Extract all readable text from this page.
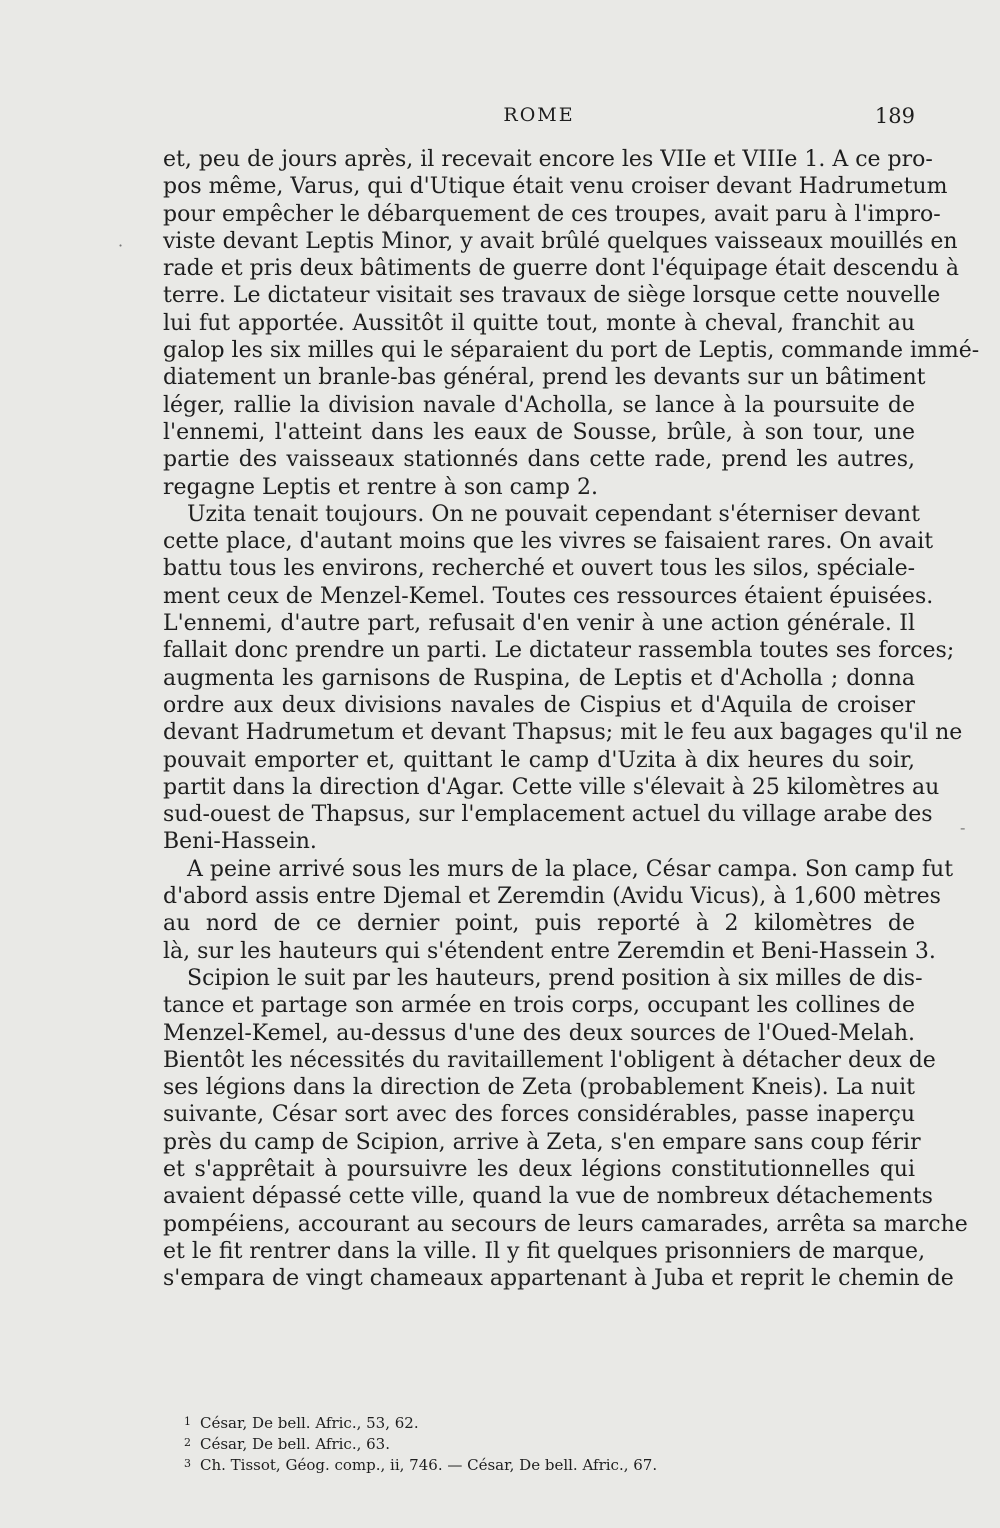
ROME	189
·
-
et, peu de jours après, il recevait encore les VIIe et VIIIe 1. A ce pro-
pos même, Varus, qui d'Utique était venu croiser devant Hadrumetum
pour empêcher le débarquement de ces troupes, avait paru à l'impro-
viste devant Leptis Minor, y avait brûlé quelques vaisseaux mouillés en
rade et pris deux bâtiments de guerre dont l'équipage était descendu à
terre. Le dictateur visitait ses travaux de siège lorsque cette nouvelle
lui fut apportée. Aussitôt il quitte tout, monte à cheval, franchit au
galop les six milles qui le séparaient du port de Leptis, commande immé-
diatement un branle-bas général, prend les devants sur un bâtiment
léger, rallie la division navale d'Acholla, se lance à la poursuite de
l'ennemi, l'atteint dans les eaux de Sousse, brûle, à son tour, une
partie des vaisseaux stationnés dans cette rade, prend les autres,
regagne Leptis et rentre à son camp 2.
Uzita tenait toujours. On ne pouvait cependant s'éterniser devant
cette place, d'autant moins que les vivres se faisaient rares. On avait
battu tous les environs, recherché et ouvert tous les silos, spéciale-
ment ceux de Menzel-Kemel. Toutes ces ressources étaient épuisées.
L'ennemi, d'autre part, refusait d'en venir à une action générale. Il
fallait donc prendre un parti. Le dictateur rassembla toutes ses forces;
augmenta les garnisons de Ruspina, de Leptis et d'Acholla ; donna
ordre aux deux divisions navales de Cispius et d'Aquila de croiser
devant Hadrumetum et devant Thapsus; mit le feu aux bagages qu'il ne
pouvait emporter et, quittant le camp d'Uzita à dix heures du soir,
partit dans la direction d'Agar. Cette ville s'élevait à 25 kilomètres au
sud-ouest de Thapsus, sur l'emplacement actuel du village arabe des
Beni-Hassein.
A peine arrivé sous les murs de la place, César campa. Son camp fut
d'abord assis entre Djemal et Zeremdin (Avidu Vicus), à 1,600 mètres
au nord de ce dernier point, puis reporté à 2 kilomètres de
là, sur les hauteurs qui s'étendent entre Zeremdin et Beni-Hassein 3.
Scipion le suit par les hauteurs, prend position à six milles de dis-
tance et partage son armée en trois corps, occupant les collines de
Menzel-Kemel, au-dessus d'une des deux sources de l'Oued-Melah.
Bientôt les nécessités du ravitaillement l'obligent à détacher deux de
ses légions dans la direction de Zeta (probablement Kneis). La nuit
suivante, César sort avec des forces considérables, passe inaperçu
près du camp de Scipion, arrive à Zeta, s'en empare sans coup férir
et s'apprêtait à poursuivre les deux légions constitutionnelles qui
avaient dépassé cette ville, quand la vue de nombreux détachements
pompéiens, accourant au secours de leurs camarades, arrêta sa marche
et le fit rentrer dans la ville. Il y fit quelques prisonniers de marque,
s'empara de vingt chameaux appartenant à Juba et reprit le chemin de
1 César, De bell. Afric., 53, 62.
2 César, De bell. Afric., 63.
3 Ch. Tissot, Géog. comp., ii, 746. — César, De bell. Afric., 67.
